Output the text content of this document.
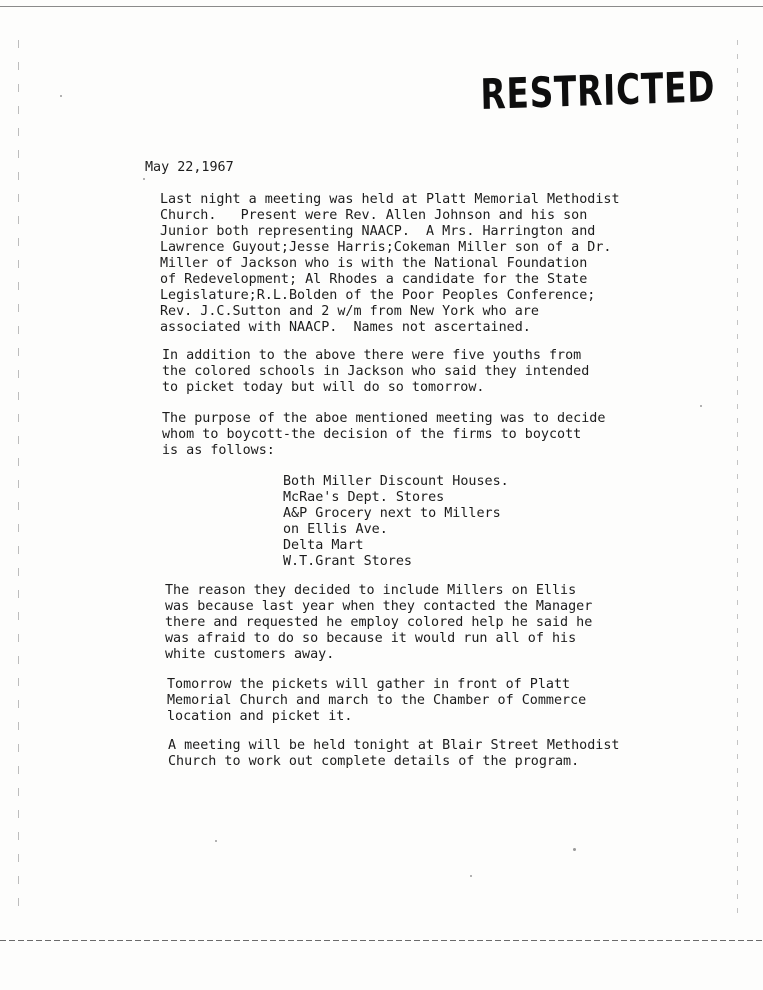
RESTRICTED
May 22,1967
Last night a meeting was held at Platt Memorial Methodist
Church.   Present were Rev. Allen Johnson and his son
Junior both representing NAACP.  A Mrs. Harrington and
Lawrence Guyout;Jesse Harris;Cokeman Miller son of a Dr.
Miller of Jackson who is with the National Foundation
of Redevelopment; Al Rhodes a candidate for the State
Legislature;R.L.Bolden of the Poor Peoples Conference;
Rev. J.C.Sutton and 2 w/m from New York who are
associated with NAACP.  Names not ascertained.
In addition to the above there were five youths from
the colored schools in Jackson who said they intended
to picket today but will do so tomorrow.
The purpose of the aboe mentioned meeting was to decide
whom to boycott-the decision of the firms to boycott
is as follows:
Both Miller Discount Houses.
McRae's Dept. Stores
A&P Grocery next to Millers
on Ellis Ave.
Delta Mart
W.T.Grant Stores
The reason they decided to include Millers on Ellis
was because last year when they contacted the Manager
there and requested he employ colored help he said he
was afraid to do so because it would run all of his
white customers away.
Tomorrow the pickets will gather in front of Platt
Memorial Church and march to the Chamber of Commerce
location and picket it.
A meeting will be held tonight at Blair Street Methodist
Church to work out complete details of the program.
